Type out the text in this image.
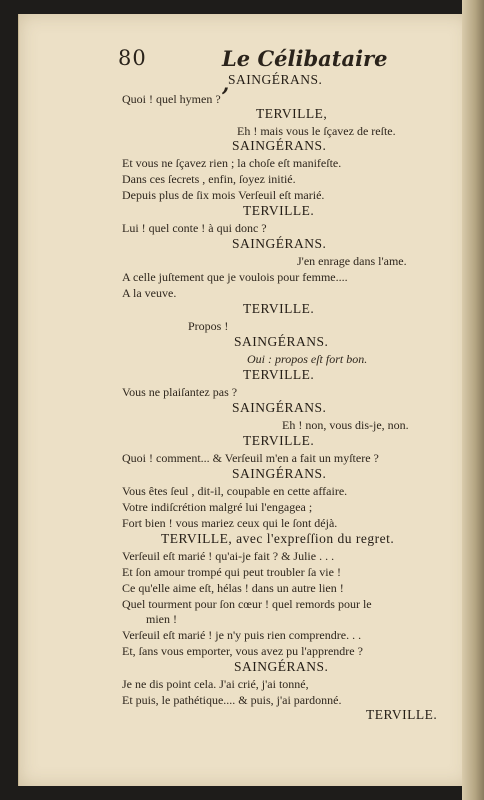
80	Le Célibataire ,
SAINGÉRANS.
Quoi ! quel hymen ?
TERVILLE,
Eh ! mais vous le ſçavez de reſte.
SAINGÉRANS.
Et vous ne ſçavez rien ; la choſe eſt manifeſte.
Dans ces ſecrets , enfin, ſoyez initié.
Depuis plus de ſix mois Verſeuil eſt marié.
TERVILLE.
Lui ! quel conte ! à qui donc ?
SAINGÉRANS.
J'en enrage dans l'ame.
A celle juſtement que je voulois pour femme....
A la veuve.
TERVILLE.
Propos !
SAINGÉRANS.
Oui : propos eſt fort bon.
TERVILLE.
Vous ne plaiſantez pas ?
SAINGÉRANS.
Eh ! non, vous dis-je, non.
TERVILLE.
Quoi ! comment... & Verſeuil m'en a fait un myſtere ?
SAINGÉRANS.
Vous êtes ſeul , dit-il, coupable en cette affaire.
Votre indiſcrétion malgré lui l'engagea ;
Fort bien ! vous mariez ceux qui le ſont déjà.
TERVILLE, avec l'expreſſion du regret.
Verſeuil eſt marié ! qu'ai-je fait ? & Julie . . .
Et ſon amour trompé qui peut troubler ſa vie !
Ce qu'elle aime eſt, hélas ! dans un autre lien !
Quel tourment pour ſon cœur ! quel remords pour le
mien !
Verſeuil eſt marié ! je n'y puis rien comprendre. . .
Et, ſans vous emporter, vous avez pu l'apprendre ?
SAINGÉRANS.
Je ne dis point cela. J'ai crié, j'ai tonné,
Et puis, le pathétique.... & puis, j'ai pardonné.
TERVILLE.
